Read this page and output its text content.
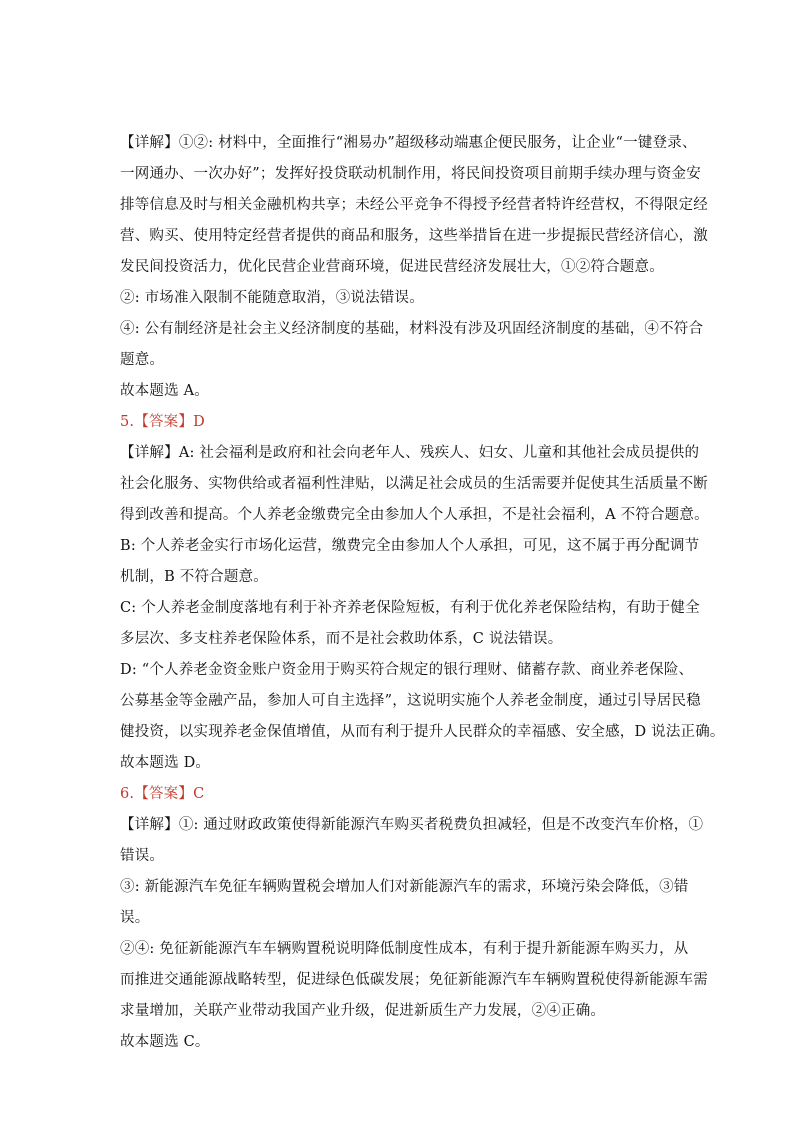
【详解】①②: 材料中，全面推行“湘易办”超级移动端惠企便民服务，让企业“一键登录、
一网通办、一次办好”；发挥好投贷联动机制作用，将民间投资项目前期手续办理与资金安
排等信息及时与相关金融机构共享；未经公平竞争不得授予经营者特许经营权，不得限定经
营、购买、使用特定经营者提供的商品和服务，这些举措旨在进一步提振民营经济信心，激
发民间投资活力，优化民营企业营商环境，促进民营经济发展壮大，①②符合题意。
②: 市场准入限制不能随意取消，③说法错误。
④: 公有制经济是社会主义经济制度的基础，材料没有涉及巩固经济制度的基础，④不符合
题意。
故本题选 A。
5.【答案】D
【详解】A: 社会福利是政府和社会向老年人、残疾人、妇女、儿童和其他社会成员提供的
社会化服务、实物供给或者福利性津贴，以满足社会成员的生活需要并促使其生活质量不断
得到改善和提高。个人养老金缴费完全由参加人个人承担，不是社会福利，A 不符合题意。
B: 个人养老金实行市场化运营，缴费完全由参加人个人承担，可见，这不属于再分配调节
机制，B 不符合题意。
C: 个人养老金制度落地有利于补齐养老保险短板，有利于优化养老保险结构，有助于健全
多层次、多支柱养老保险体系，而不是社会救助体系，C 说法错误。
D: “个人养老金资金账户资金用于购买符合规定的银行理财、储蓄存款、商业养老保险、
公募基金等金融产品，参加人可自主选择”，这说明实施个人养老金制度，通过引导居民稳
健投资，以实现养老金保值增值，从而有利于提升人民群众的幸福感、安全感，D 说法正确。
故本题选 D。
6.【答案】C
【详解】①: 通过财政政策使得新能源汽车购买者税费负担减轻，但是不改变汽车价格，①
错误。
③: 新能源汽车免征车辆购置税会增加人们对新能源汽车的需求，环境污染会降低，③错
误。
②④: 免征新能源汽车车辆购置税说明降低制度性成本，有利于提升新能源车购买力，从
而推进交通能源战略转型，促进绿色低碳发展；免征新能源汽车车辆购置税使得新能源车需
求量增加，关联产业带动我国产业升级，促进新质生产力发展，②④正确。
故本题选 C。
